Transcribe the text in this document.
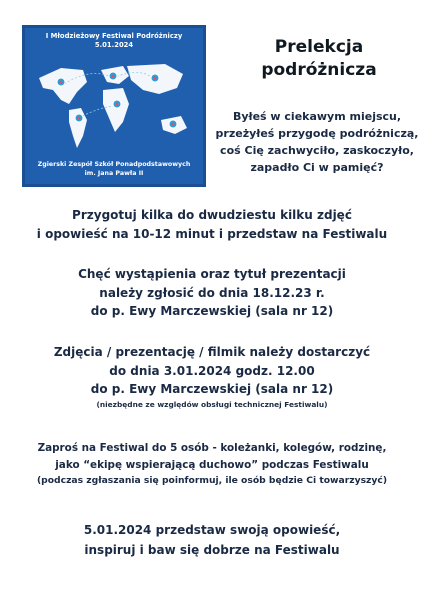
I Młodzieżowy Festiwal Podróżniczy
5.01.2024
Zgierski Zespół Szkół Ponadpodstawowych
im. Jana Pawła II
Prelekcja
podróżnicza
Byłeś w ciekawym miejscu,
przeżyłeś przygodę podróżniczą,
coś Cię zachwyciło, zaskoczyło,
zapadło Ci w pamięć?
Przygotuj kilka do dwudziestu kilku zdjęć
i opowieść na 10-12 minut i przedstaw na Festiwalu
Chęć wystąpienia oraz tytuł prezentacji
należy zgłosić do dnia 18.12.23 r.
do p. Ewy Marczewskiej (sala nr 12)
Zdjęcia / prezentację / filmik należy dostarczyć
do dnia 3.01.2024 godz. 12.00
do p. Ewy Marczewskiej (sala nr 12)
(niezbędne ze względów obsługi technicznej Festiwalu)
Zaproś na Festiwal do 5 osób - koleżanki, kolegów, rodzinę,
jako “ekipę wspierającą duchowo” podczas Festiwalu
(podczas zgłaszania się poinformuj, ile osób będzie Ci towarzyszyć)
5.01.2024 przedstaw swoją opowieść,
inspiruj i baw się dobrze na Festiwalu
